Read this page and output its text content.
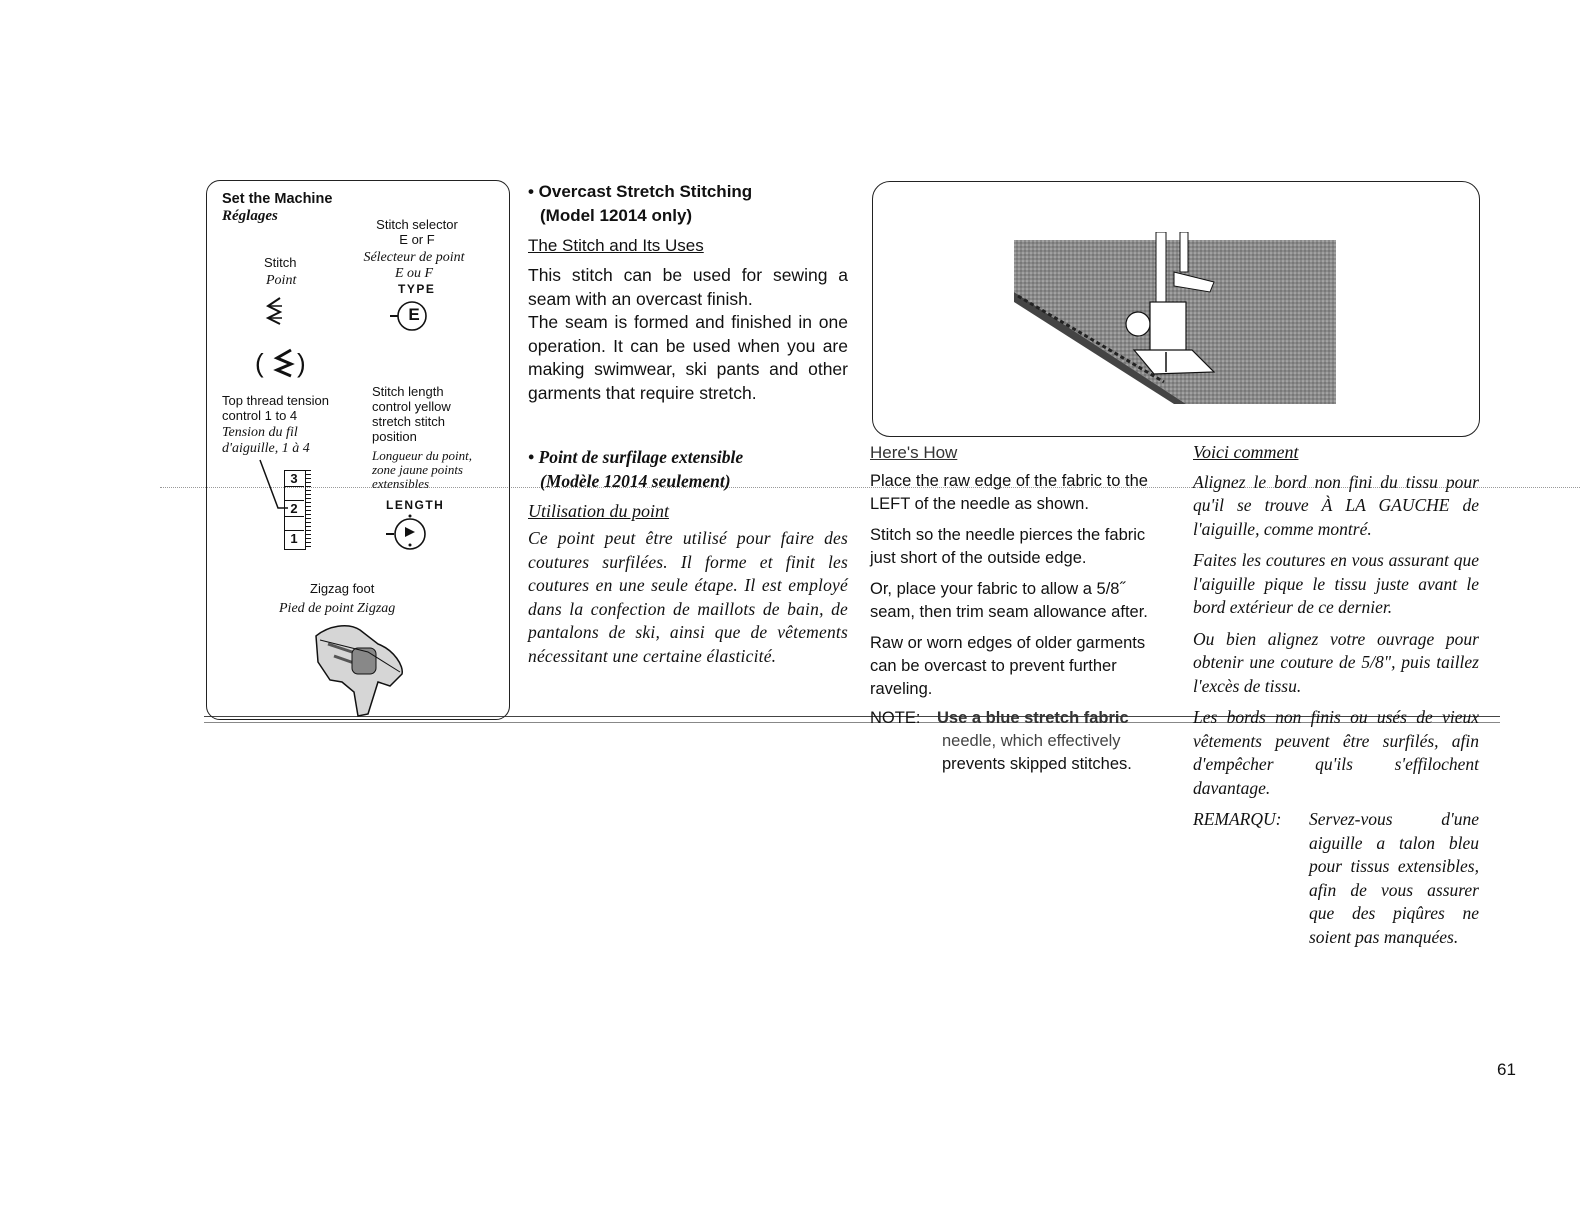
Set the Machine
Réglages
Stitch
Point
( )
Stitch selector
E or F
Sélecteur de point
E ou F
TYPE
E
Top thread tension
control 1 to 4
Tension du fil
d'aiguille, 1 à 4
Stitch length
control yellow
stretch stitch
position
Longueur du point,
zone jaune points
extensibles
LENGTH
3
2
1
Zigzag foot
Pied de point Zigzag
• Overcast Stretch Stitching
(Model 12014 only)
The Stitch and Its Uses

This stitch can be used for sewing a seam with an overcast finish.

The seam is formed and finished in one operation. It can be used when you are making swimwear, ski pants and other garments that require stretch.

• Point de surfilage extensible
(Modèle 12014 seulement)
Utilisation du point

Ce point peut être utilisé pour faire des coutures surfilées. Il forme et finit les coutures en une seule étape. Il est employé dans la confection de maillots de bain, de pantalons de ski, ainsi que de vêtements nécessitant une certaine élasticité.

Here's How
Place the raw edge of the fabric to the LEFT of the needle as shown.
Stitch so the needle pierces the fabric just short of the outside edge.
Or, place your fabric to allow a 5/8˝ seam, then trim seam allowance after.
Raw or worn edges of older garments can be overcast to prevent further raveling.
NOTE: Use a blue stretch fabric
needle, which effectively
prevents skipped stitches.
Voici comment
Alignez le bord non fini du tissu pour qu'il se trouve À LA GAUCHE de l'aiguille, comme montré.
Faites les coutures en vous assurant que l'aiguille pique le tissu juste avant le bord extérieur de ce dernier.
Ou bien alignez votre ouvrage pour obtenir une couture de 5/8", puis taillez l'excès de tissu.
Les bords non finis ou usés de vieux vêtements peuvent être surfilés, afin d'empêcher qu'ils s'effilochent davantage.
REMARQU: Servez-vous d'une aiguille a talon bleu pour tissus extensibles, afin de vous assurer que des piqûres ne soient pas manquées.
61
